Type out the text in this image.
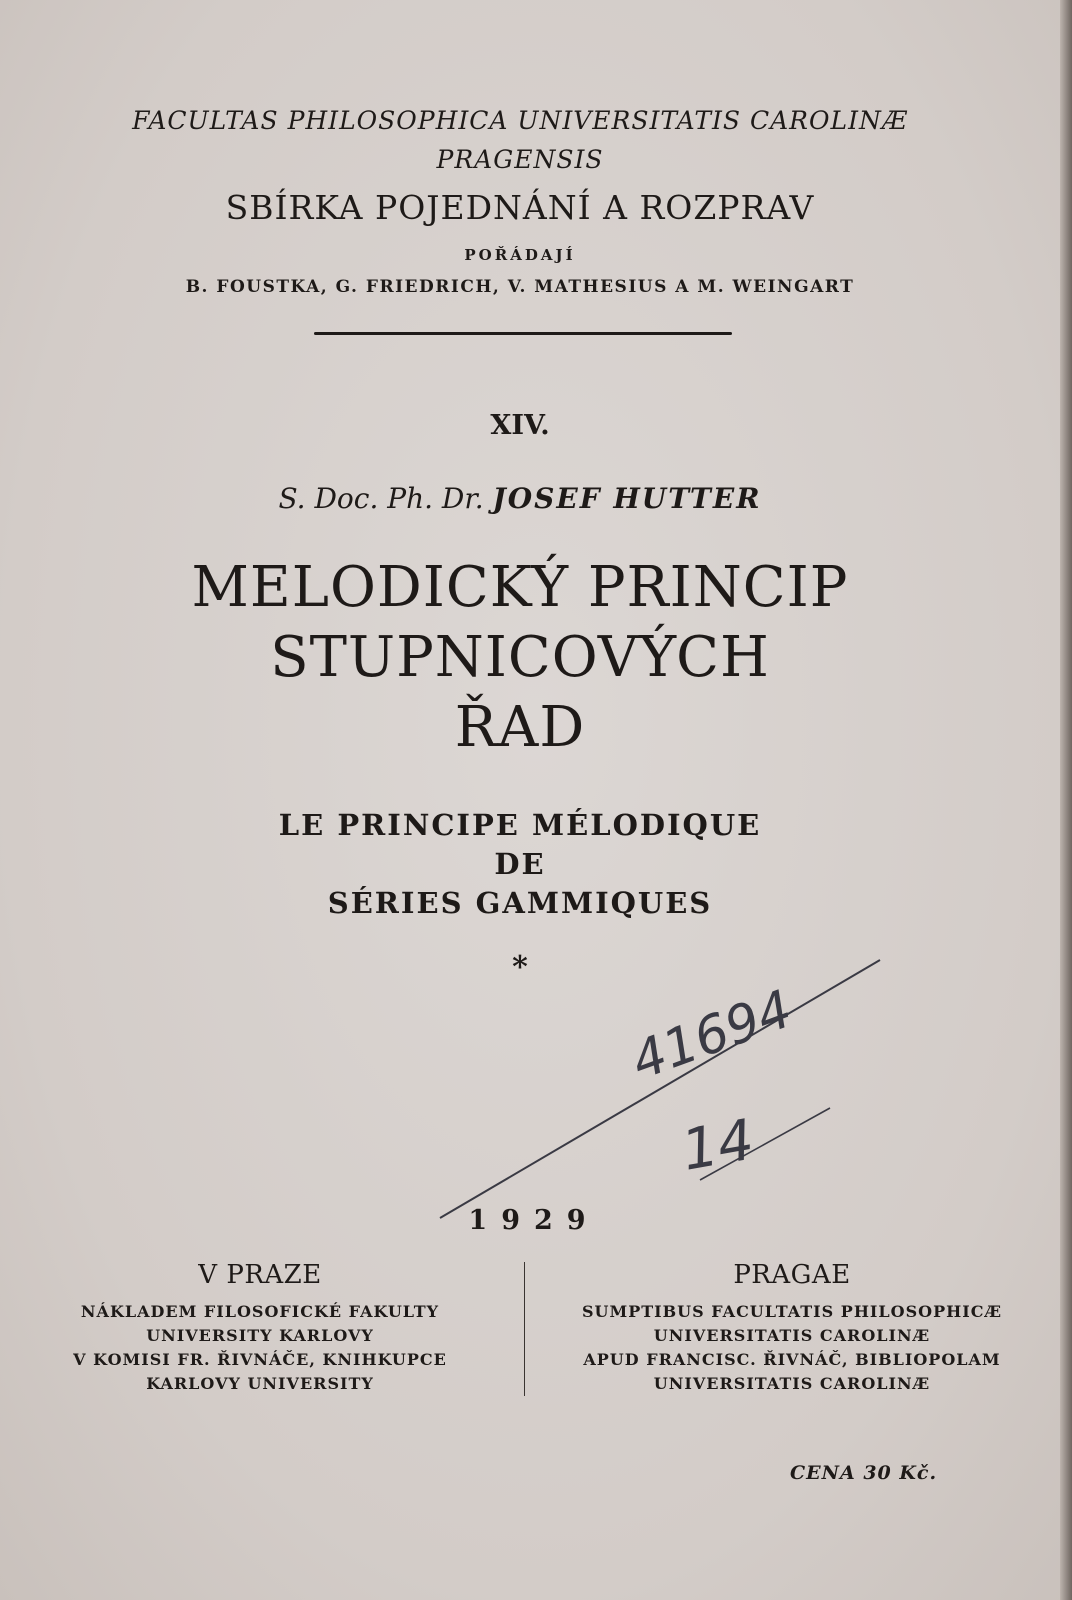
FACULTAS PHILOSOPHICA UNIVERSITATIS CAROLINÆ
PRAGENSIS
SBÍRKA POJEDNÁNÍ A ROZPRAV
POŘÁDAJÍ
B. FOUSTKA, G. FRIEDRICH, V. MATHESIUS A M. WEINGART
XIV.
S. Doc. Ph. Dr. JOSEF HUTTER
MELODICKÝ PRINCIP
STUPNICOVÝCH
ŘAD
LE PRINCIPE MÉLODIQUE
DE
SÉRIES GAMMIQUES
*
41694
14
1929
V PRAZE
NÁKLADEM FILOSOFICKÉ FAKULTY
UNIVERSITY KARLOVY
V KOMISI FR. ŘIVNÁČE, KNIHKUPCE
KARLOVY UNIVERSITY
PRAGAE
SUMPTIBUS FACULTATIS PHILOSOPHICÆ
UNIVERSITATIS CAROLINÆ
APUD FRANCISC. ŘIVNÁČ, BIBLIOPOLAM
UNIVERSITATIS CAROLINÆ
CENA 30 Kč.
